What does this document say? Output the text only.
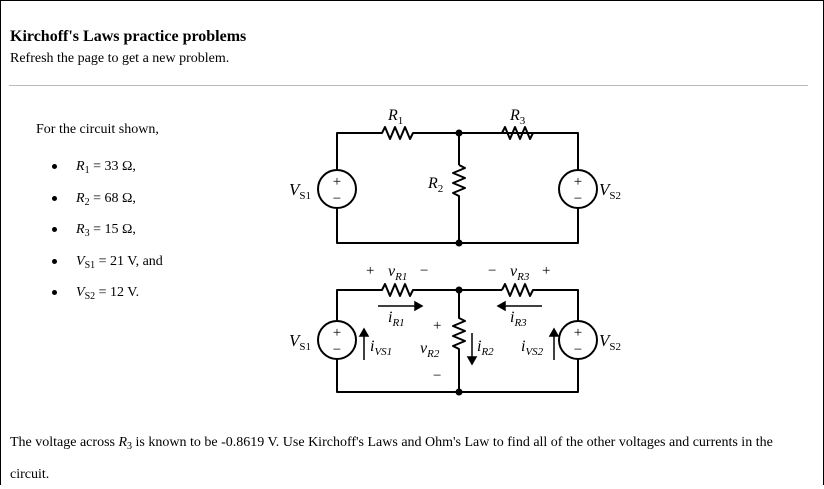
Kirchoff's Laws practice problems
Refresh the page to get a new problem.
For the circuit shown,
$R_1 = 33$ Ω,
$R_2 = 68$ Ω,
$R_3 = 15$ Ω,
$V_{S1} = 21$ V, and
$V_{S2} = 12$ V.
+
−
+
−
$R_1$	$R_3$
$R_2$
$V_{S1}$	$V_{S2}$
+
−
+
−
+	−
$v_{R1}$	−	+
$v_{R3}$
+
−
$v_{R2}$
$i_{R1}$	$i_{R3}$
$i_{VS1}$	$i_{R2}$ $i_{VS2}$
$V_{S1}$	$V_{S2}$
The voltage across $R_3$ is known to be -0.8619 V. Use Kirchoff's Laws and Ohm's Law to find all of the other voltages and currents in the circuit.
